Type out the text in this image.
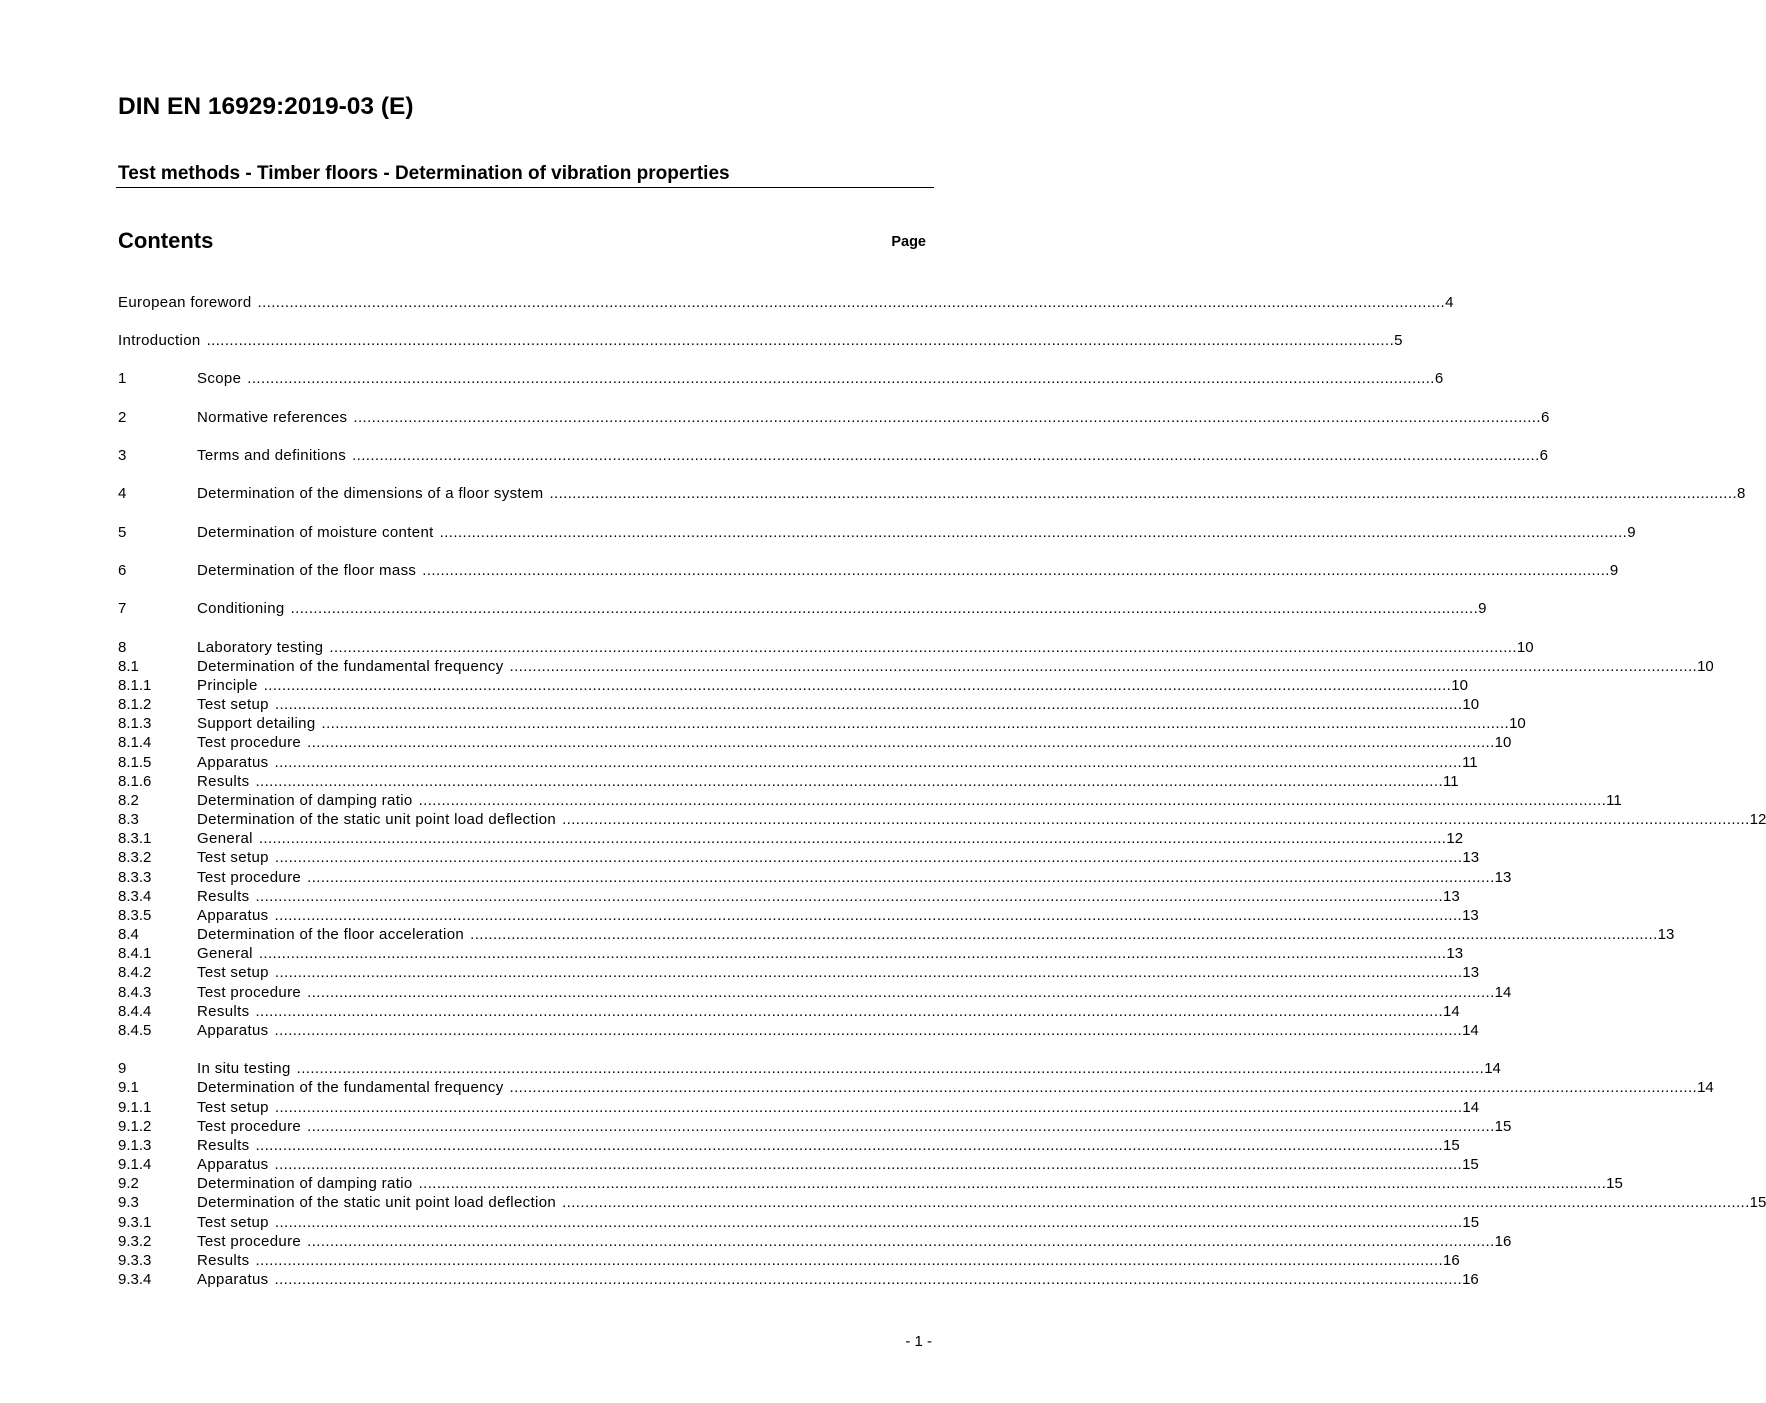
DIN EN 16929:2019-03 (E)
Test methods - Timber floors - Determination of vibration properties
Contents	Page
European foreword .................................................................................................................................................................................................................................................................... 4
Introduction .................................................................................................................................................................................................................................................................... 5
1	Scope .................................................................................................................................................................................................................................................................... 6
2	Normative references .................................................................................................................................................................................................................................................................... 6
3	Terms and definitions .................................................................................................................................................................................................................................................................... 6
4	Determination of the dimensions of a floor system .................................................................................................................................................................................................................................................................... 8
5	Determination of moisture content .................................................................................................................................................................................................................................................................... 9
6	Determination of the floor mass .................................................................................................................................................................................................................................................................... 9
7	Conditioning .................................................................................................................................................................................................................................................................... 9
8	Laboratory testing .................................................................................................................................................................................................................................................................... 10
8.1	Determination of the fundamental frequency .................................................................................................................................................................................................................................................................... 10
8.1.1	Principle .................................................................................................................................................................................................................................................................... 10
8.1.2	Test setup .................................................................................................................................................................................................................................................................... 10
8.1.3	Support detailing .................................................................................................................................................................................................................................................................... 10
8.1.4	Test procedure .................................................................................................................................................................................................................................................................... 10
8.1.5	Apparatus .................................................................................................................................................................................................................................................................... 11
8.1.6	Results .................................................................................................................................................................................................................................................................... 11
8.2	Determination of damping ratio .................................................................................................................................................................................................................................................................... 11
8.3	Determination of the static unit point load deflection .................................................................................................................................................................................................................................................................... 12
8.3.1	General .................................................................................................................................................................................................................................................................... 12
8.3.2	Test setup .................................................................................................................................................................................................................................................................... 13
8.3.3	Test procedure .................................................................................................................................................................................................................................................................... 13
8.3.4	Results .................................................................................................................................................................................................................................................................... 13
8.3.5	Apparatus .................................................................................................................................................................................................................................................................... 13
8.4	Determination of the floor acceleration .................................................................................................................................................................................................................................................................... 13
8.4.1	General .................................................................................................................................................................................................................................................................... 13
8.4.2	Test setup .................................................................................................................................................................................................................................................................... 13
8.4.3	Test procedure .................................................................................................................................................................................................................................................................... 14
8.4.4	Results .................................................................................................................................................................................................................................................................... 14
8.4.5	Apparatus .................................................................................................................................................................................................................................................................... 14
9	In situ testing .................................................................................................................................................................................................................................................................... 14
9.1	Determination of the fundamental frequency .................................................................................................................................................................................................................................................................... 14
9.1.1	Test setup .................................................................................................................................................................................................................................................................... 14
9.1.2	Test procedure .................................................................................................................................................................................................................................................................... 15
9.1.3	Results .................................................................................................................................................................................................................................................................... 15
9.1.4	Apparatus .................................................................................................................................................................................................................................................................... 15
9.2	Determination of damping ratio .................................................................................................................................................................................................................................................................... 15
9.3	Determination of the static unit point load deflection .................................................................................................................................................................................................................................................................... 15
9.3.1	Test setup .................................................................................................................................................................................................................................................................... 15
9.3.2	Test procedure .................................................................................................................................................................................................................................................................... 16
9.3.3	Results .................................................................................................................................................................................................................................................................... 16
9.3.4	Apparatus .................................................................................................................................................................................................................................................................... 16
- 1 -
